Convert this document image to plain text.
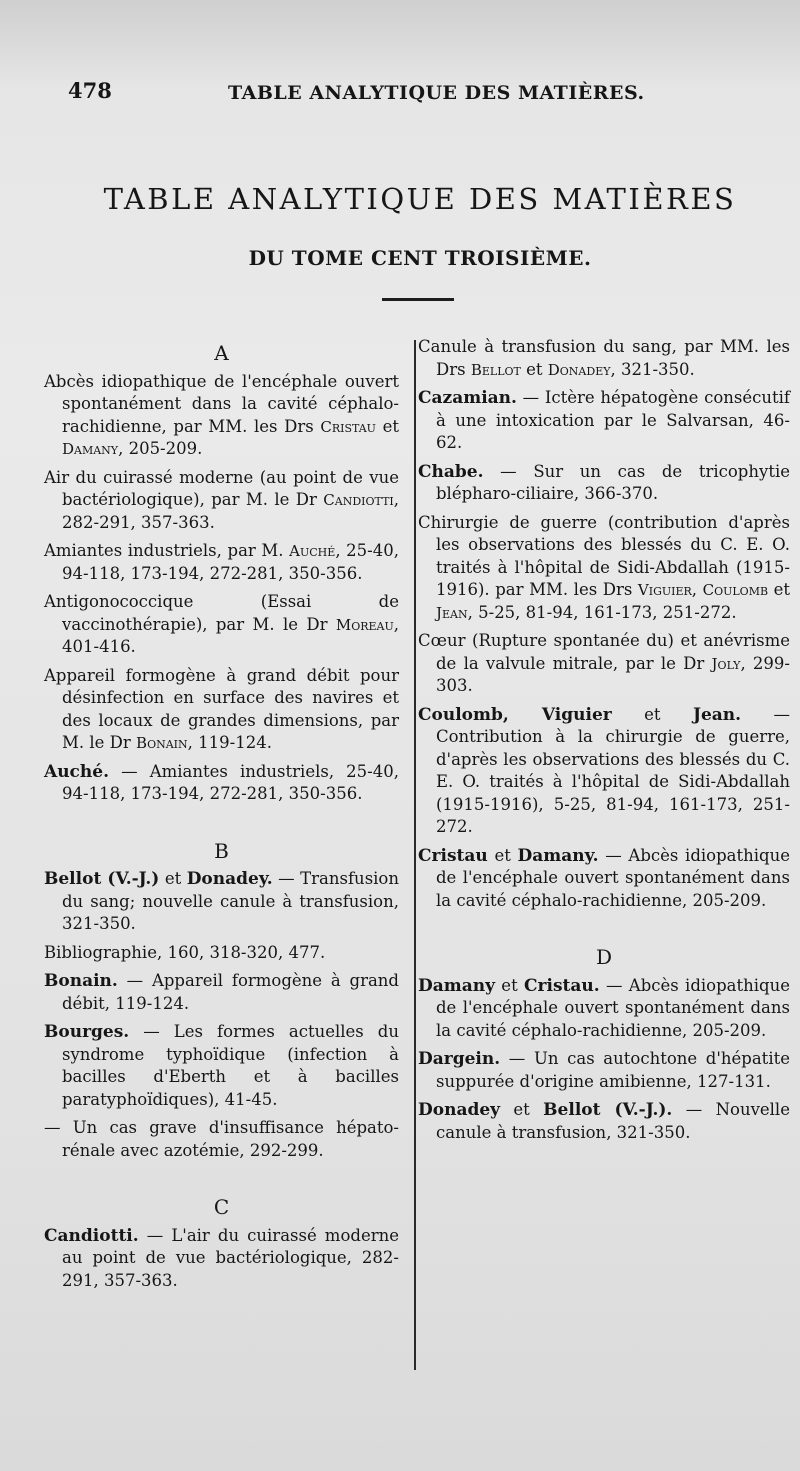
478	TABLE ANALYTIQUE DES MATIÈRES.
TABLE ANALYTIQUE DES MATIÈRES
DU TOME CENT TROISIÈME.
A
Abcès idiopathique de l'encéphale ouvert spontanément dans la cavité céphalo-rachidienne, par MM. les Drs Cristau et Damany, 205-209.
Air du cuirassé moderne (au point de vue bactériologique), par M. le Dr Candiotti, 282-291, 357-363.
Amiantes industriels, par M. Auché, 25-40, 94-118, 173-194, 272-281, 350-356.
Antigonococcique (Essai de vaccinothérapie), par M. le Dr Moreau, 401-416.
Appareil formogène à grand débit pour désinfection en surface des navires et des locaux de grandes dimensions, par M. le Dr Bonain, 119-124.
Auché. — Amiantes industriels, 25-40, 94-118, 173-194, 272-281, 350-356.
B
Bellot (V.-J.) et Donadey. — Transfusion du sang; nouvelle canule à transfusion, 321-350.
Bibliographie, 160, 318-320, 477.
Bonain. — Appareil formogène à grand débit, 119-124.
Bourges. — Les formes actuelles du syndrome typhoïdique (infection à bacilles d'Eberth et à bacilles paratyphoïdiques), 41-45.
— Un cas grave d'insuffisance hépato-rénale avec azotémie, 292-299.
C
Candiotti. — L'air du cuirassé moderne au point de vue bactériologique, 282-291, 357-363.
Canule à transfusion du sang, par MM. les Drs Bellot et Donadey, 321-350.
Cazamian. — Ictère hépatogène consécutif à une intoxication par le Salvarsan, 46-62.
Chabe. — Sur un cas de tricophytie blépharo-ciliaire, 366-370.
Chirurgie de guerre (contribution d'après les observations des blessés du C. E. O. traités à l'hôpital de Sidi-Abdallah (1915-1916). par MM. les Drs Viguier, Coulomb et Jean, 5-25, 81-94, 161-173, 251-272.
Cœur (Rupture spontanée du) et anévrisme de la valvule mitrale, par le Dr Joly, 299-303.
Coulomb, Viguier et Jean. — Contribution à la chirurgie de guerre, d'après les observations des blessés du C. E. O. traités à l'hôpital de Sidi-Abdallah (1915-1916), 5-25, 81-94, 161-173, 251-272.
Cristau et Damany. — Abcès idiopathique de l'encéphale ouvert spontanément dans la cavité céphalo-rachidienne, 205-209.
D
Damany et Cristau. — Abcès idiopathique de l'encéphale ouvert spontanément dans la cavité céphalo-rachidienne, 205-209.
Dargein. — Un cas autochtone d'hépatite suppurée d'origine amibienne, 127-131.
Donadey et Bellot (V.-J.). — Nouvelle canule à transfusion, 321-350.
